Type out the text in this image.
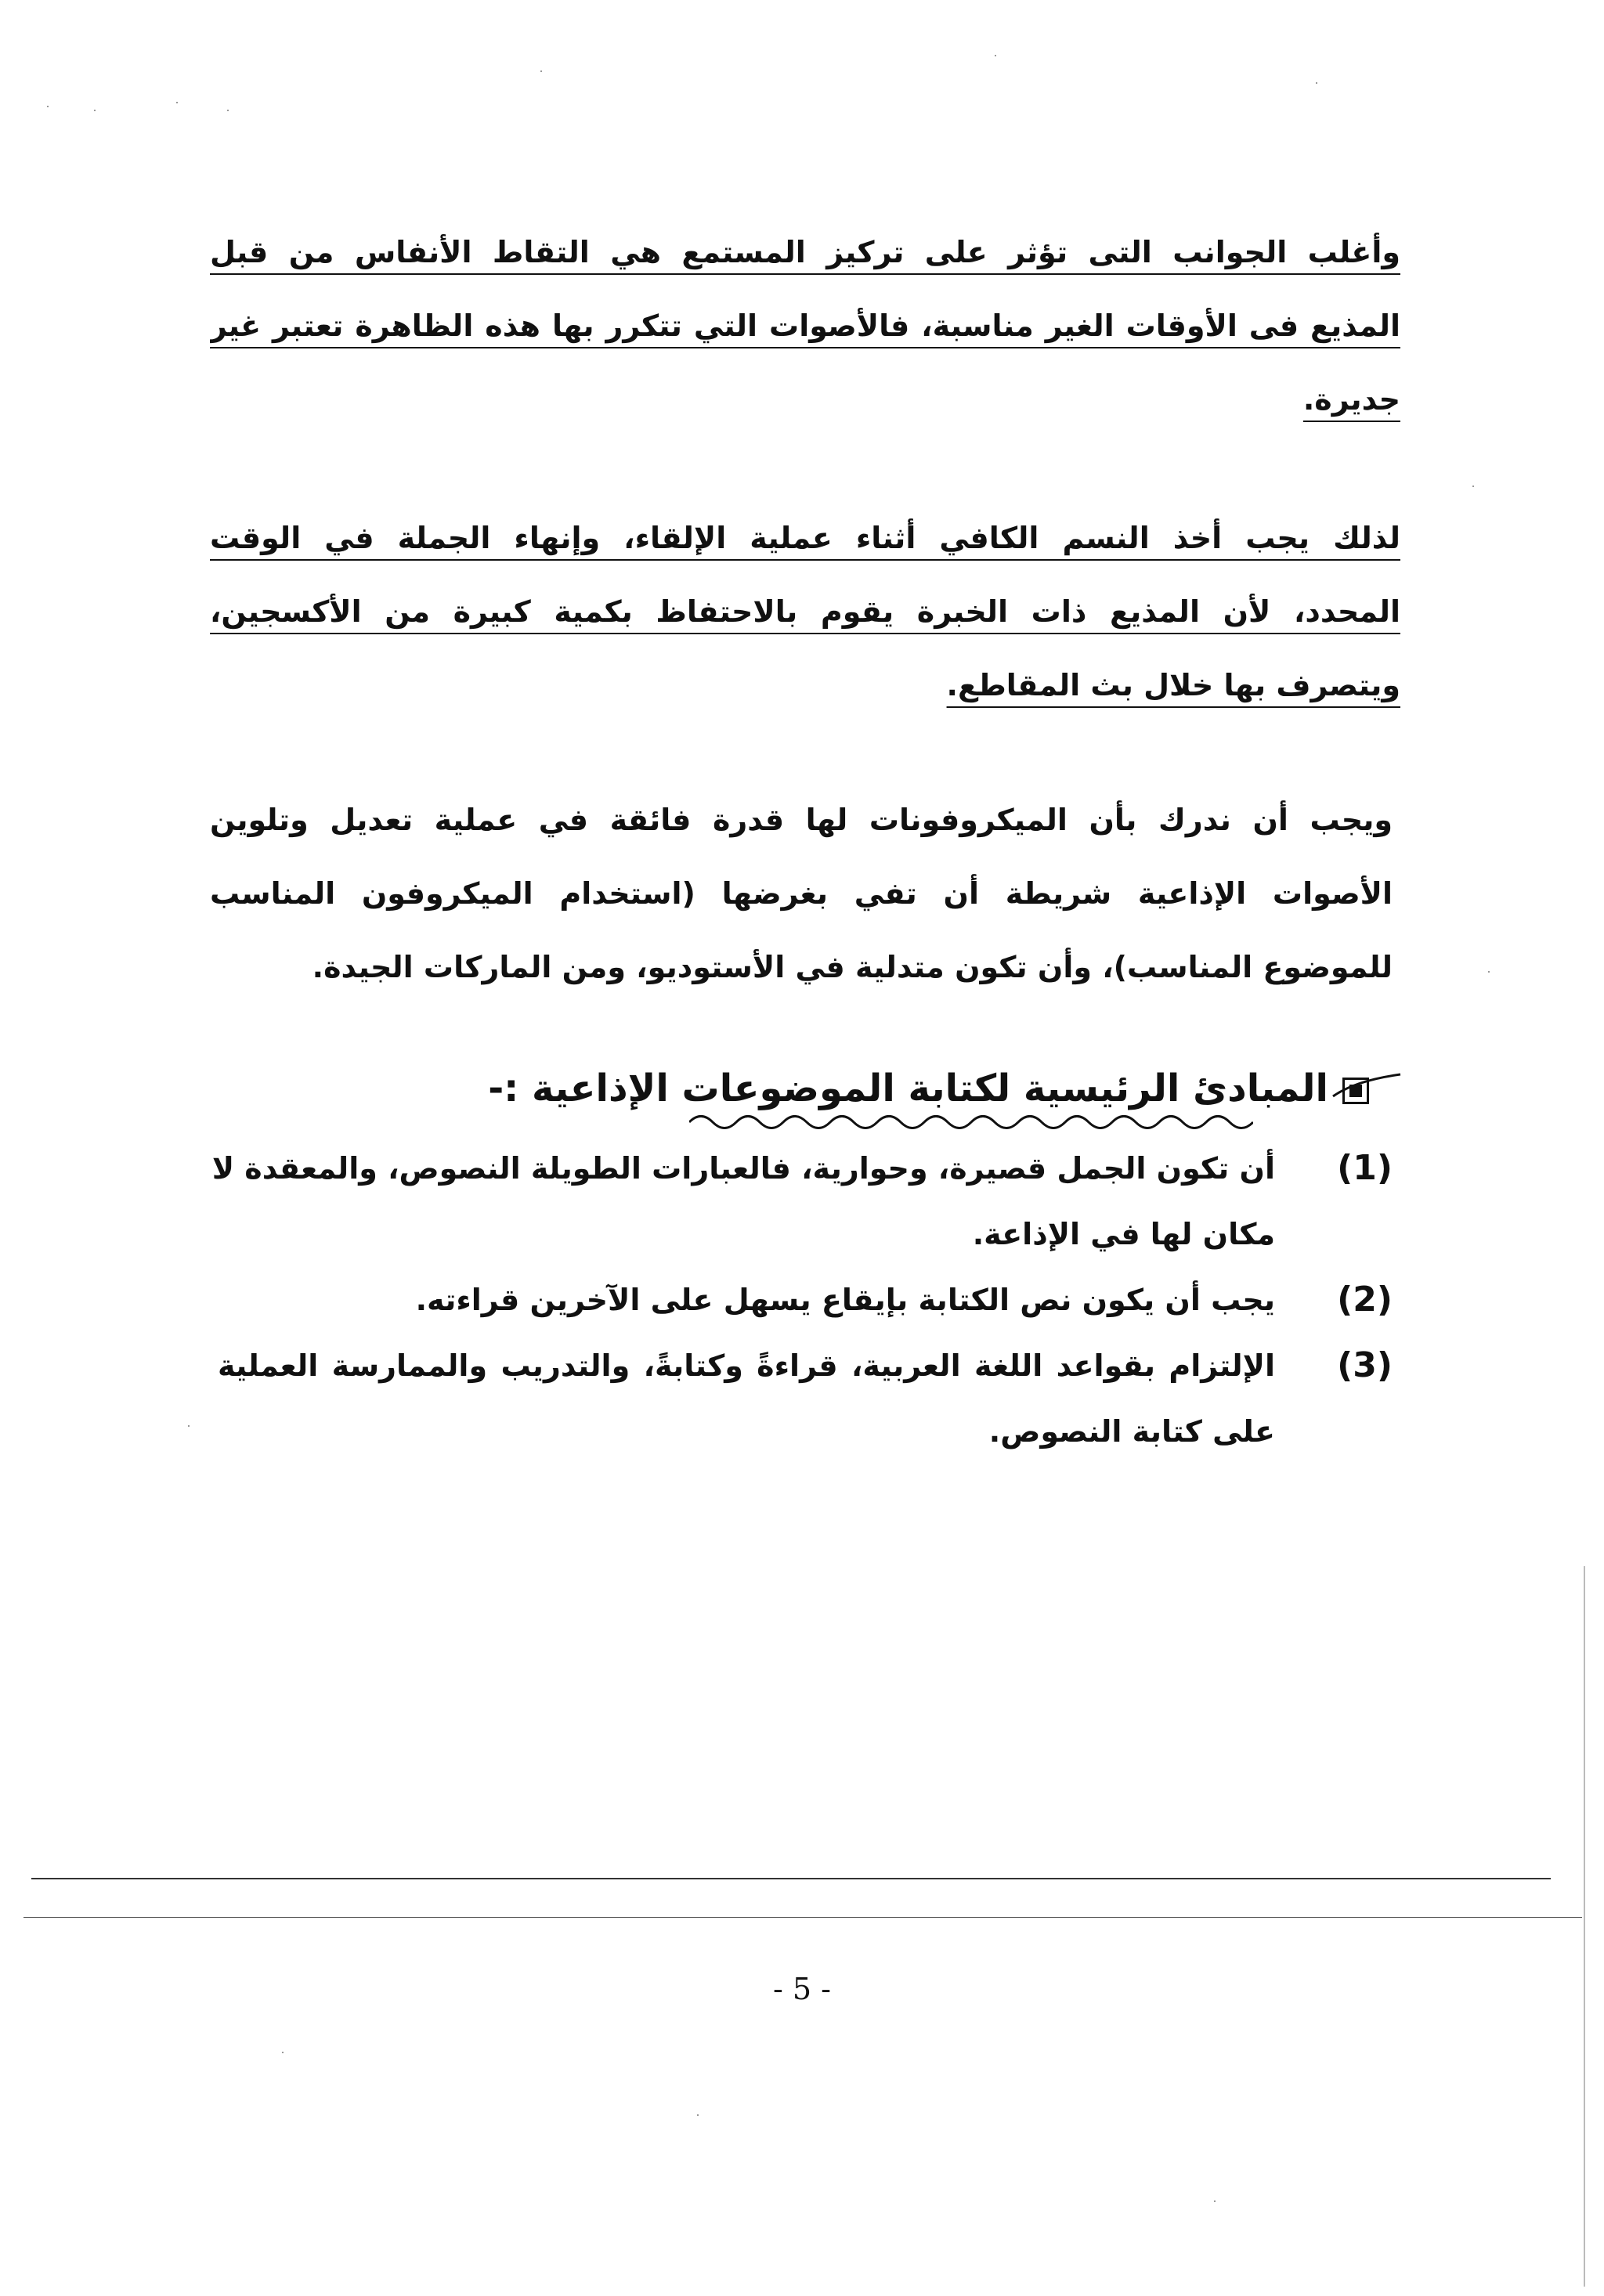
وأغلب الجوانب التى تؤثر على تركيز المستمع هي التقاط الأنفاس من قبل
المذيع فى الأوقات الغير مناسبة، فالأصوات التي تتكرر بها هذه الظاهرة تعتبر غير
جديرة.
لذلك يجب أخذ النسم الكافي أثناء عملية الإلقاء، وإنهاء الجملة في الوقت
المحدد، لأن المذيع ذات الخبرة يقوم بالاحتفاظ بكمية كبيرة من الأكسجين،
ويتصرف بها خلال بث المقاطع.
ويجب أن ندرك بأن الميكروفونات لها قدرة فائقة في عملية تعديل وتلوين
الأصوات الإذاعية شريطة أن تفي بغرضها (استخدام الميكروفون المناسب
للموضوع المناسب)، وأن تكون متدلية في الأستوديو، ومن الماركات الجيدة.
المبادئ الرئيسية لكتابة الموضوعات الإذاعية :-
(1)
أن تكون الجمل قصيرة، وحوارية، فالعبارات الطويلة النصوص، والمعقدة لا
مكان لها في الإذاعة.
(2)
يجب أن يكون نص الكتابة بإيقاع يسهل على الآخرين قراءته.
(3)
الإلتزام بقواعد اللغة العربية، قراءةً وكتابةً، والتدريب والممارسة العملية
على كتابة النصوص.
- 5 -
